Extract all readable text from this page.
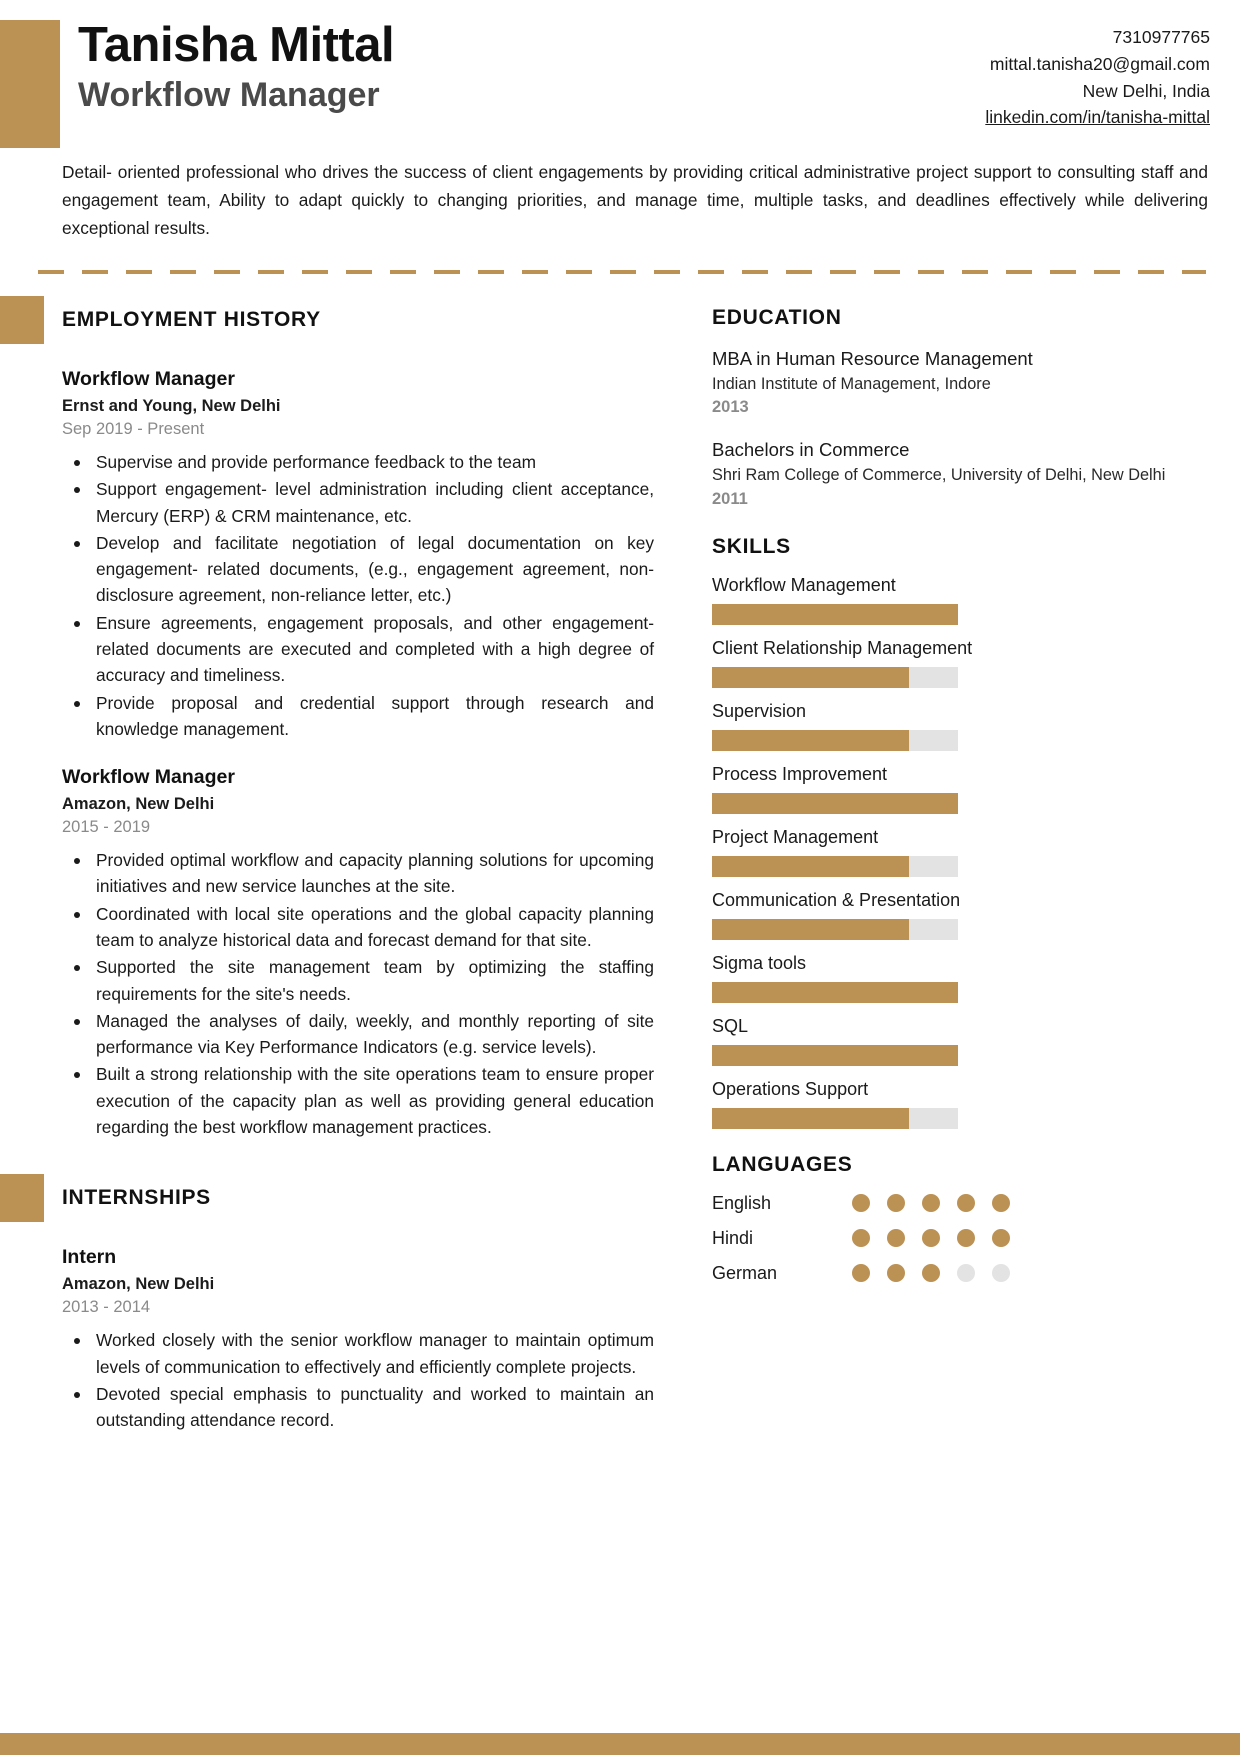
Tanisha Mittal
Workflow Manager
7310977765
mittal.tanisha20@gmail.com
New Delhi, India
linkedin.com/in/tanisha-mittal
Detail- oriented professional who drives the success of client engagements by providing critical administrative project support to consulting staff and engagement team, Ability to adapt quickly to changing priorities, and manage time, multiple tasks, and deadlines effectively while delivering exceptional results.
EMPLOYMENT HISTORY
Workflow Manager
Ernst and Young, New Delhi
Sep 2019 - Present
Supervise and provide performance feedback to the team
Support engagement- level administration including client acceptance, Mercury (ERP) & CRM maintenance, etc.
Develop and facilitate negotiation of legal documentation on key engagement- related documents, (e.g., engagement agreement, non-disclosure agreement, non-reliance letter, etc.)
Ensure agreements, engagement proposals, and other engagement-related documents are executed and completed with a high degree of accuracy and timeliness.
Provide proposal and credential support through research and knowledge management.
Workflow Manager
Amazon, New Delhi
2015 - 2019
Provided optimal workflow and capacity planning solutions for upcoming initiatives and new service launches at the site.
Coordinated with local site operations and the global capacity planning team to analyze historical data and forecast demand for that site.
Supported the site management team by optimizing the staffing requirements for the site's needs.
Managed the analyses of daily, weekly, and monthly reporting of site performance via Key Performance Indicators (e.g. service levels).
Built a strong relationship with the site operations team to ensure proper execution of the capacity plan as well as providing general education regarding the best workflow management practices.
INTERNSHIPS
Intern
Amazon, New Delhi
2013 - 2014
Worked closely with the senior workflow manager to maintain optimum levels of communication to effectively and efficiently complete projects.
Devoted special emphasis to punctuality and worked to maintain an outstanding attendance record.
EDUCATION
MBA in Human Resource Management
Indian Institute of Management, Indore
2013
Bachelors in Commerce
Shri Ram College of Commerce, University of Delhi, New Delhi
2011
SKILLS
Workflow Management
Client Relationship Management
Supervision
Process Improvement
Project Management
Communication & Presentation
Sigma tools
SQL
Operations Support
LANGUAGES
English
Hindi
German
